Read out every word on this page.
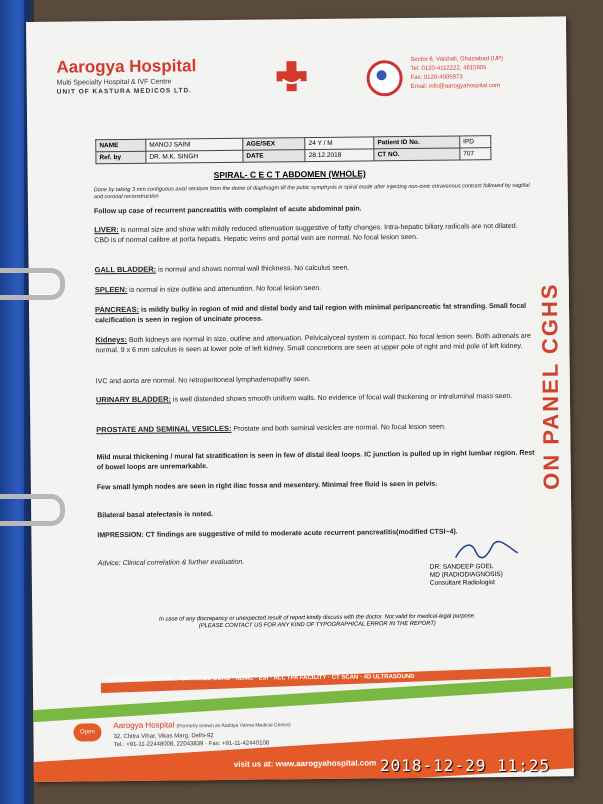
ON PANEL CGHS
Aarogya Hospital
Multi Specialty Hospital & IVF Centre
UNIT OF KASTURA MEDICOS LTD.
Sector 6, Vaishali, Ghaziabad (UP)
Tel: 0120-4112222, 4615905
Fax: 0120-4005973
Email: info@aarogyahospital.com
NAME	MANOJ SAINI	AGE/SEX	24 Y / M	Patient ID No.	IPD
Ref. by	DR. M.K. SINGH	DATE	28.12.2018	CT NO.	707
SPIRAL- C E C T ABDOMEN (WHOLE)
Done by taking 3 mm contiguous axial sections from the dome of diaphragm till the pubic symphysis in spiral mode after injecting non-ionic intravenous contrast followed by sagittal and coronal reconstruction
Follow up case of recurrent pancreatitis with complaint of acute abdominal pain.
LIVER: is normal size and show with mildly reduced attenuation suggestive of fatty changes. Intra-hepatic biliary radicals are not dilated. CBD is of normal calibre at porta hepatis. Hepatic veins and portal vein are normal. No focal lesion seen.
GALL BLADDER: is normal and shows normal wall thickness. No calculus seen.
SPLEEN: is normal in size outline and attenuation. No focal lesion seen.
PANCREAS: is mildly bulky in region of mid and distal body and tail region with minimal peripancreatic fat stranding. Small focal calcification is seen in region of uncinate process.
Kidneys: Both kidneys are normal in size, outline and attenuation. Pelvicalyceal system is compact. No focal lesion seen. Both adrenals are normal. 9 x 6 mm calculus is seen at lower pole of left kidney. Small concretions are seen at upper pole of right and mid pole of left kidney.
IVC and aorta are normal. No retroperitoneal lymphadenopathy seen.
URINARY BLADDER: is well distended shows smooth uniform walls. No evidence of focal wall thickening or intraluminal mass seen.
PROSTATE AND SEMINAL VESICLES: Prostate and both seminal vesicles are normal. No focal lesion seen.
Mild mural thickening / mural fat stratification is seen in few of distal ileal loops. IC junction is pulled up in right lumbar region. Rest of bowel loops are unremarkable.
Few small lymph nodes are seen in right iliac fossa and mesentery. Minimal free fluid is seen in pelvis.
Bilateral basal atelectasis is noted.
IMPRESSION: CT findings are suggestive of mild to moderate acute recurrent pancreatitis(modified CTSI~4).
Advice: Clinical correlation & further evaluation.	DR. SANDEEP GOEL
MD (RADIODIAGNOSIS)
Consultant Radiologist
In case of any discrepancy or unexpected result of report kindly discuss with the doctor. Not valid for medical-legal purpose.
(PLEASE CONTACT US FOR ANY KIND OF TYPOGRAPHICAL ERROR IN THE REPORT)
100 BEDDED HOSPITAL · ON PANEL CGHS · NDMC · ESI · ALL TPA FACILITY · CT SCAN · 4D ULTRASOUND
Open
Aarogya Hospital (Formerly known as Aaditya Varma Medical Centre)
32, Chitra Vihar, Vikas Marg, Delhi-92
Tel.: +91-11-22448008, 22043839 · Fax: +91-11-42440108
visit us at: www.aarogyahospital.com 2018-12-29 11:25
